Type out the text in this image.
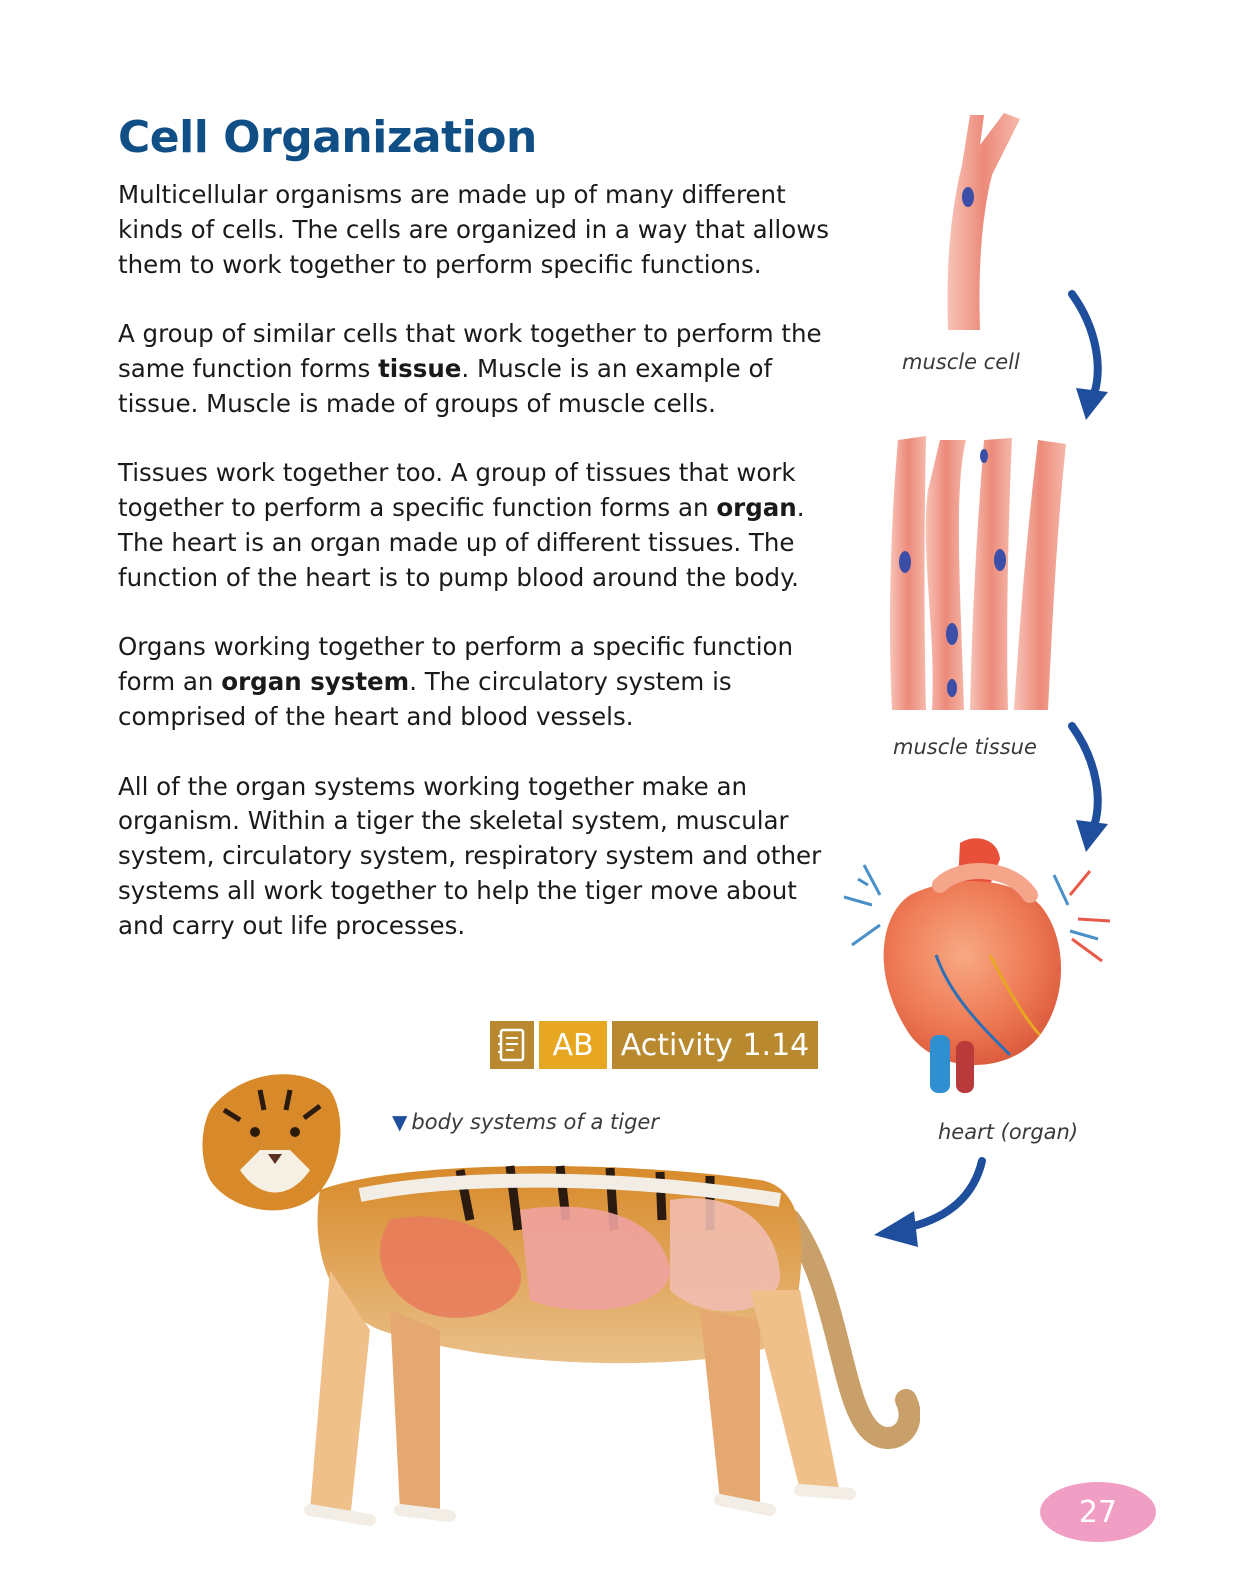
Cell Organization

Multicellular organisms are made up of many different kinds of cells. The cells are organized in a way that allows them to work together to perform specific functions.

A group of similar cells that work together to perform the same function forms tissue. Muscle is an example of tissue. Muscle is made of groups of muscle cells.

Tissues work together too. A group of tissues that work together to perform a specific function forms an organ. The heart is an organ made up of different tissues. The function of the heart is to pump blood around the body.

Organs working together to perform a specific function form an organ system. The circulatory system is comprised of the heart and blood vessels.

All of the organ systems working together make an organism. Within a tiger the skeletal system, muscular system, circulatory system, respiratory system and other systems all work together to help the tiger move about and carry out life processes.

AB Activity 1.14
muscle cell
muscle tissue
heart (organ)
▼ body systems of a tiger
27
